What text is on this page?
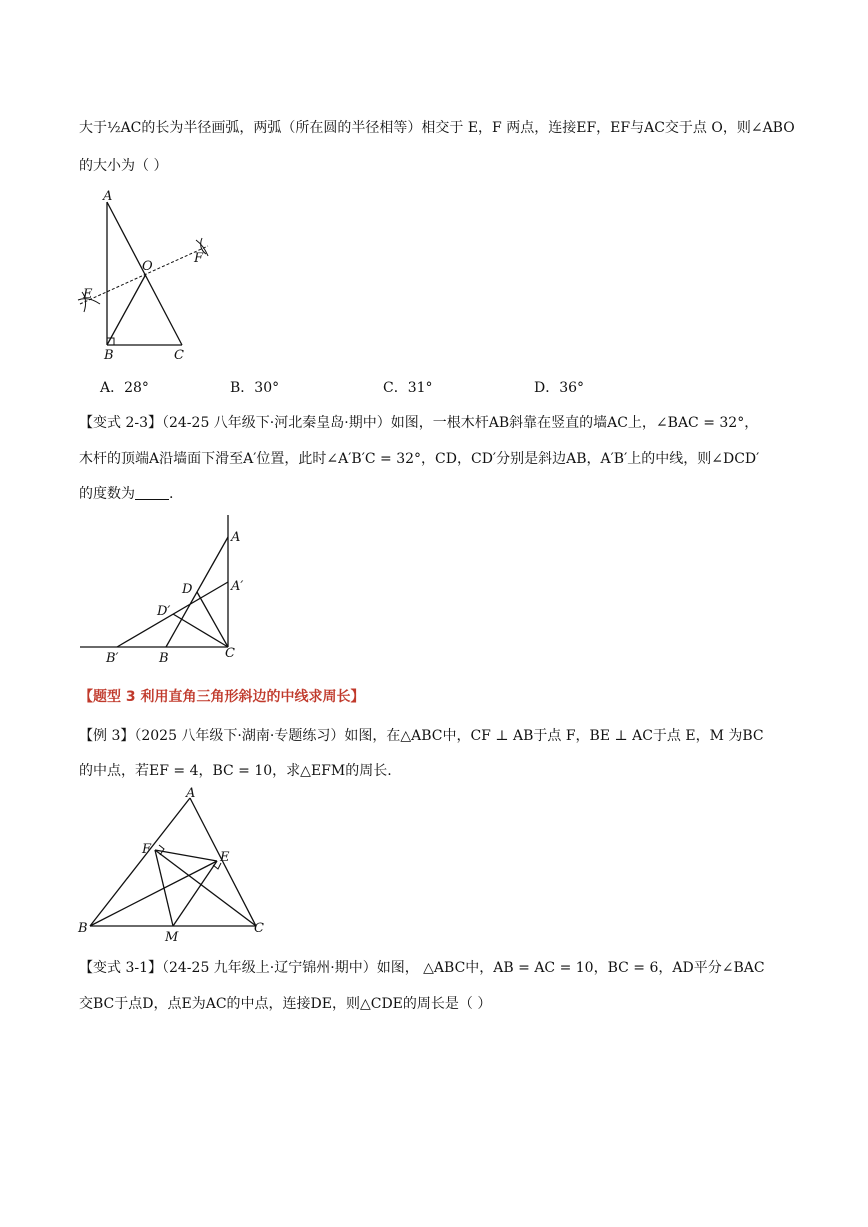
大于½AC的长为半径画弧，两弧（所在圆的半径相等）相交于 E，F 两点，连接EF，EF与AC交于点 O，则∠ABO
的大小为（ ）
A
O
F
E
B	C
A．28°	B．30°	C．31°	D．36°
【变式 2-3】（24-25 八年级下·河北秦皇岛·期中）如图，一根木杆AB斜靠在竖直的墙AC上，∠BAC = 32°，
木杆的顶端A沿墙面下滑至A′位置，此时∠A′B′C = 32°，CD，CD′分别是斜边AB，A′B′上的中线，则∠DCD′
的度数为 .
A
A′
D
D′
B′	B	C
【题型 3 利用直角三角形斜边的中线求周长】
【例 3】（2025 八年级下·湖南·专题练习）如图，在△ABC中，CF ⊥ AB于点 F，BE ⊥ AC于点 E，M 为BC
的中点，若EF = 4，BC = 10，求△EFM的周长.
A
F
E
B
M
C
【变式 3-1】（24-25 九年级上·辽宁锦州·期中）如图， △ABC中，AB = AC = 10，BC = 6，AD平分∠BAC
交BC于点D，点E为AC的中点，连接DE，则△CDE的周长是（ ）
